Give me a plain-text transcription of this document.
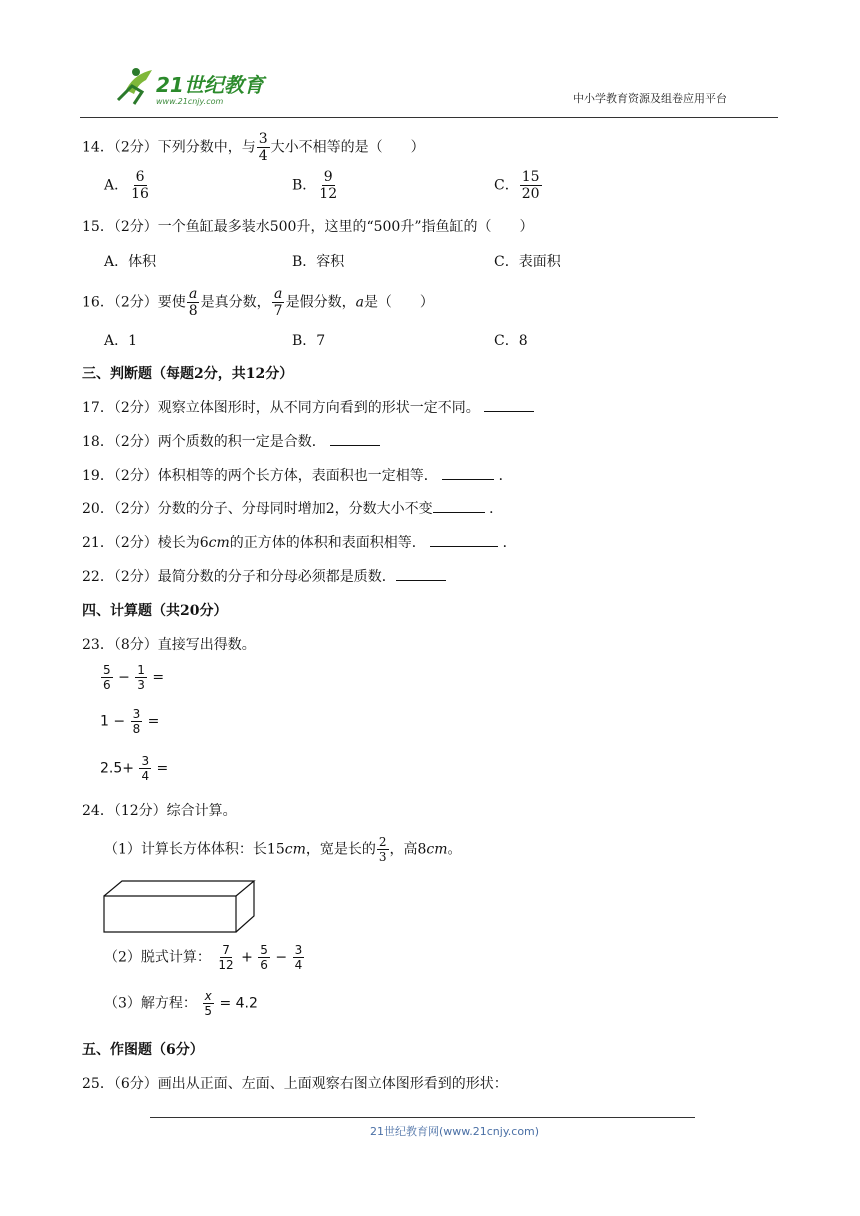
21世纪教育
www.21cnjy.com	中小学教育资源及组卷应用平台
14．（2分）下列分数中，与 $\frac{3}{4}$ 大小不相等的是（　　）
A． $\frac{6}{16}$	B． $\frac{9}{12}$	C． $\frac{15}{20}$
15．（2分）一个鱼缸最多装水500升，这里的“500升”指鱼缸的（　　）
A．体积	B．容积	C．表面积
16．（2分）要使 $\frac{a}{8}$ 是真分数， $\frac{a}{7}$ 是假分数，a是（　　）
A．1	B．7	C．8
三、判断题（每题2分，共12分）
17．（2分）观察立体图形时，从不同方向看到的形状一定不同。
18．（2分）两个质数的积一定是合数．
19．（2分）体积相等的两个长方体，表面积也一定相等．	．
20．（2分）分数的分子、分母同时增加2，分数大小不变	．
21．（2分）棱长为6cm的正方体的体积和表面积相等．	．
22．（2分）最简分数的分子和分母必须都是质数．
四、计算题（共20分）
23．（8分）直接写出得数。
$\frac{5}{6} - \frac{1}{3}$ =
$1 - \frac{3}{8}$ =
$2.5+ \frac{3}{4}$ =
24．（12分）综合计算。
（1）计算长方体体积：长15cm，宽是长的 $\frac{2}{3}$ ，高8cm。
（2）脱式计算： $\frac{7}{12} + \frac{5}{6} - \frac{3}{4}$
（3）解方程： $\frac{x}{5} = 4.2$
五、作图题（6分）
25．（6分）画出从正面、左面、上面观察右图立体图形看到的形状：
21世纪教育网(www.21cnjy.com)
